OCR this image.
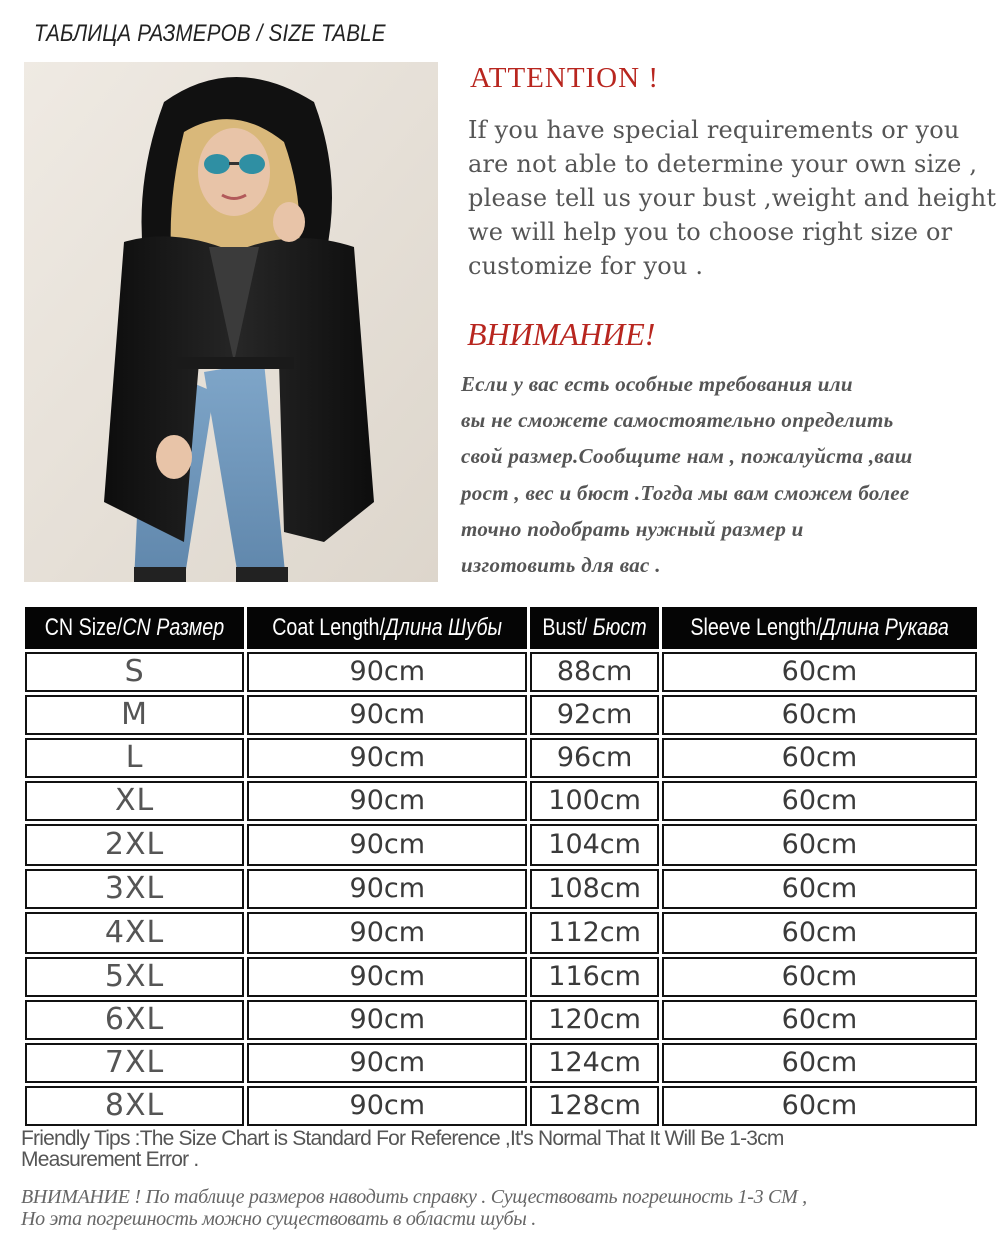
ТАБЛИЦА РАЗМЕРОВ / SIZE TABLE
ATTENTION !
If you have special requirements or you
are not able to determine your own size ,
please tell us your bust ,weight and height
we will help you to choose right size or
customize for you .
ВНИМАНИЕ!
Если у вас есть особные требования или
вы не сможете самостоятельно определить
свой размер.Сообщите нам , пожалуйста ,ваш
рост , вес и бюст .Тогда мы вам сможем более
точно подобрать нужный размер и
изготовить для вас .
CN Size/CN Размер	Coat Length/Длина Шубы	Bust/ Бюст	Sleeve Length/Длина Рукава
S	90cm	88cm	60cm
M	90cm	92cm	60cm
L	90cm	96cm	60cm
XL	90cm	100cm	60cm
2XL	90cm	104cm	60cm
3XL	90cm	108cm	60cm
4XL	90cm	112cm	60cm
5XL	90cm	116cm	60cm
6XL	90cm	120cm	60cm
7XL	90cm	124cm	60cm
8XL	90cm	128cm	60cm
Friendly Tips :The Size Chart is Standard For Reference ,It's Normal That It Will Be 1-3cm
Measurement Error .
ВНИМАНИЕ ! По таблице размеров наводить справку . Существовать погрешность 1-3 СМ ,
Но эта погрешность можно существовать в области шубы .
